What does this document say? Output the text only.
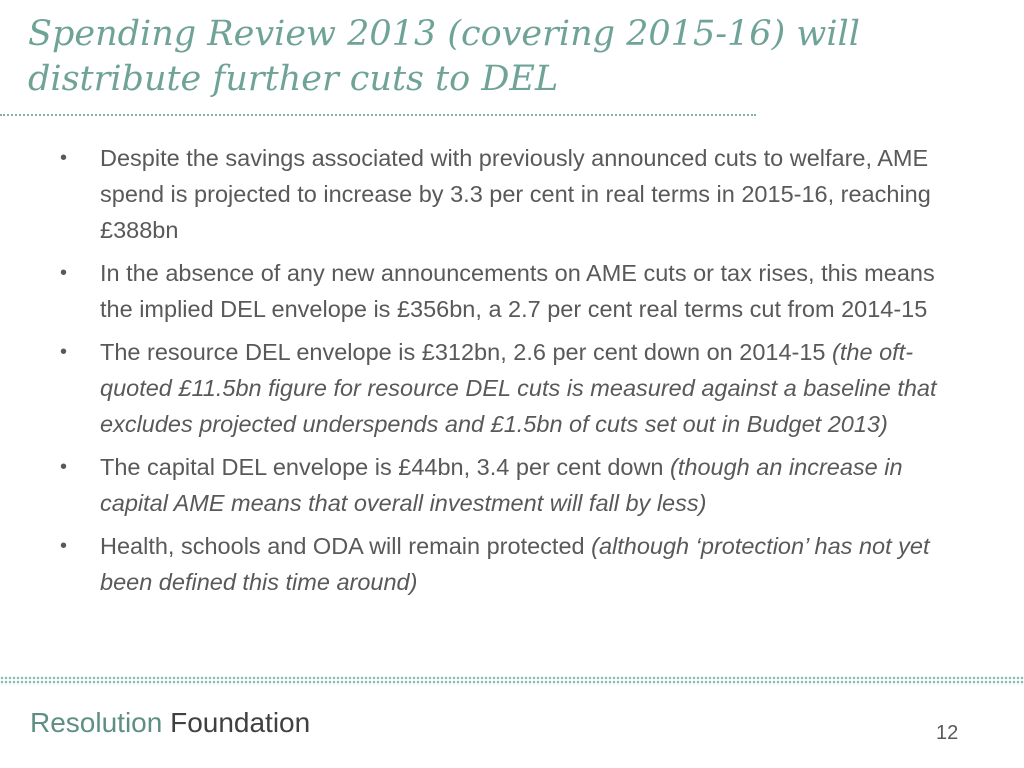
Spending Review 2013 (covering 2015-16) will
distribute further cuts to DEL
• Despite the savings associated with previously announced cuts to welfare, AME spend is projected to increase by 3.3 per cent in real terms in 2015-16, reaching £388bn
• In the absence of any new announcements on AME cuts or tax rises, this means the implied DEL envelope is £356bn, a 2.7 per cent real terms cut from 2014-15
• The resource DEL envelope is £312bn, 2.6 per cent down on 2014-15 (the oft-quoted £11.5bn figure for resource DEL cuts is measured against a baseline that excludes projected underspends and £1.5bn of cuts set out in Budget 2013)
• The capital DEL envelope is £44bn, 3.4 per cent down (though an increase in capital AME means that overall investment will fall by less)
• Health, schools and ODA will remain protected (although ‘protection’ has not yet been defined this time around)
Resolution Foundation	12
